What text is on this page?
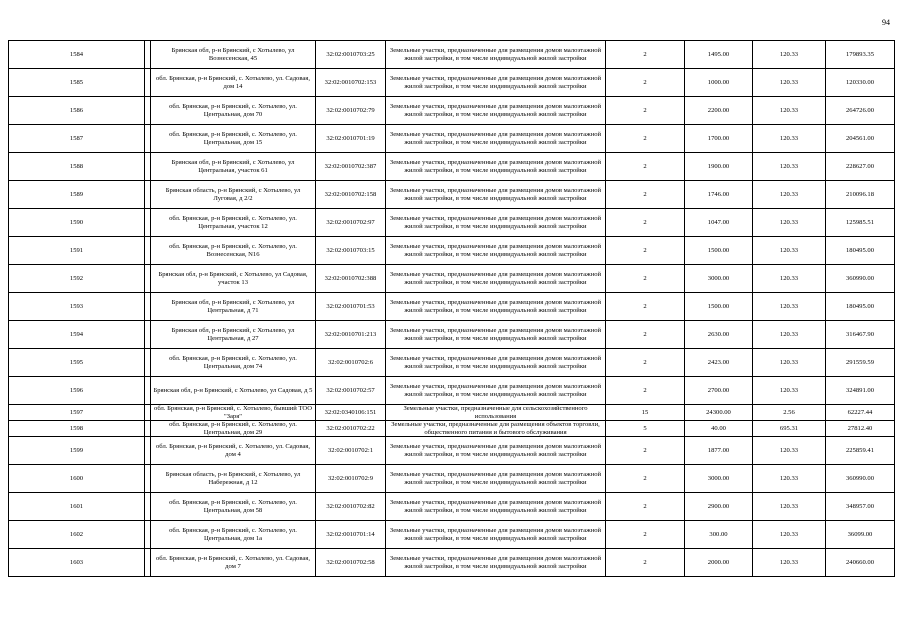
94
1584		Брянская обл, р-н Брянский, с Хотылево, ул Вознесенская, 45	32:02:0010703:25	Земельные участки, предназначенные для размещения домов малоэтажной жилой застройки, в том числе индивидуальной жилой застройки	2	1495.00	120.33	179893.35
1585		обл. Брянская, р-н Брянский, с. Хотылево, ул. Садовая, дом 14	32:02:0010702:153	Земельные участки, предназначенные для размещения домов малоэтажной жилой застройки, в том числе индивидуальной жилой застройки	2	1000.00	120.33	120330.00
1586		обл. Брянская, р-н Брянский, с. Хотылево, ул. Центральная, дом 70	32:02:0010702:79	Земельные участки, предназначенные для размещения домов малоэтажной жилой застройки, в том числе индивидуальной жилой застройки	2	2200.00	120.33	264726.00
1587		обл. Брянская, р-н Брянский, с. Хотылево, ул. Центральная, дом 15	32:02:0010701:19	Земельные участки, предназначенные для размещения домов малоэтажной жилой застройки, в том числе индивидуальной жилой застройки	2	1700.00	120.33	204561.00
1588		Брянская обл, р-н Брянский, с Хотылево, ул Центральная, участок 61	32:02:0010702:387	Земельные участки, предназначенные для размещения домов малоэтажной жилой застройки, в том числе индивидуальной жилой застройки	2	1900.00	120.33	228627.00
1589		Брянская область, р-н Брянский, с Хотылево, ул Луговая, д 2/2	32:02:0010702:158	Земельные участки, предназначенные для размещения домов малоэтажной жилой застройки, в том числе индивидуальной жилой застройки	2	1746.00	120.33	210096.18
1590		обл. Брянская, р-н Брянский, с. Хотылево, ул. Центральная, участок 12	32:02:0010702:97	Земельные участки, предназначенные для размещения домов малоэтажной жилой застройки, в том числе индивидуальной жилой застройки	2	1047.00	120.33	125985.51
1591		обл. Брянская, р-н Брянский, с. Хотылево, ул. Вознесенская, N16	32:02:0010703:15	Земельные участки, предназначенные для размещения домов малоэтажной жилой застройки, в том числе индивидуальной жилой застройки	2	1500.00	120.33	180495.00
1592		Брянская обл, р-н Брянский, с Хотылево, ул Садовая, участок 13	32:02:0010702:388	Земельные участки, предназначенные для размещения домов малоэтажной жилой застройки, в том числе индивидуальной жилой застройки	2	3000.00	120.33	360990.00
1593		Брянская обл, р-н Брянский, с Хотылево, ул Центральная, д 71	32:02:0010701:53	Земельные участки, предназначенные для размещения домов малоэтажной жилой застройки, в том числе индивидуальной жилой застройки	2	1500.00	120.33	180495.00
1594		Брянская обл, р-н Брянский, с Хотылево, ул Центральная, д 27	32:02:0010701:213	Земельные участки, предназначенные для размещения домов малоэтажной жилой застройки, в том числе индивидуальной жилой застройки	2	2630.00	120.33	316467.90
1595		обл. Брянская, р-н Брянский, с. Хотылево, ул. Центральная, дом 74	32:02:0010702:6	Земельные участки, предназначенные для размещения домов малоэтажной жилой застройки, в том числе индивидуальной жилой застройки	2	2423.00	120.33	291559.59
1596		Брянская обл, р-н Брянский, с Хотылево, ул Садовая, д 5	32:02:0010702:57	Земельные участки, предназначенные для размещения домов малоэтажной жилой застройки, в том числе индивидуальной жилой застройки	2	2700.00	120.33	324891.00
1597		обл. Брянская, р-н Брянский, с. Хотылево, бывший ТОО "Заря"	32:02:0340106:151	Земельные участки, предназначенные для сельскохозяйственного использования	15	24300.00	2.56	62227.44
1598		обл. Брянская, р-н Брянский, с. Хотылево, ул. Центральная, дом 29	32:02:0010702:22	Земельные участки, предназначенные для размещения объектов торговли, общественного питания и бытового обслуживания	5	40.00	695.31	27812.40
1599		обл. Брянская, р-н Брянский, с. Хотылево, ул. Садовая, дом 4	32:02:0010702:1	Земельные участки, предназначенные для размещения домов малоэтажной жилой застройки, в том числе индивидуальной жилой застройки	2	1877.00	120.33	225859.41
1600		Брянская область, р-н Брянский, с Хотылево, ул Набережная, д 12	32:02:0010702:9	Земельные участки, предназначенные для размещения домов малоэтажной жилой застройки, в том числе индивидуальной жилой застройки	2	3000.00	120.33	360990.00
1601		обл. Брянская, р-н Брянский, с. Хотылево, ул. Центральная, дом 58	32:02:0010702:82	Земельные участки, предназначенные для размещения домов малоэтажной жилой застройки, в том числе индивидуальной жилой застройки	2	2900.00	120.33	348957.00
1602		обл. Брянская, р-н Брянский, с. Хотылево, ул. Центральная, дом 1а	32:02:0010701:14	Земельные участки, предназначенные для размещения домов малоэтажной жилой застройки, в том числе индивидуальной жилой застройки	2	300.00	120.33	36099.00
1603		обл. Брянская, р-н Брянский, с. Хотылево, ул. Садовая, дом 7	32:02:0010702:58	Земельные участки, предназначенные для размещения домов малоэтажной жилой застройки, в том числе индивидуальной жилой застройки	2	2000.00	120.33	240660.00
